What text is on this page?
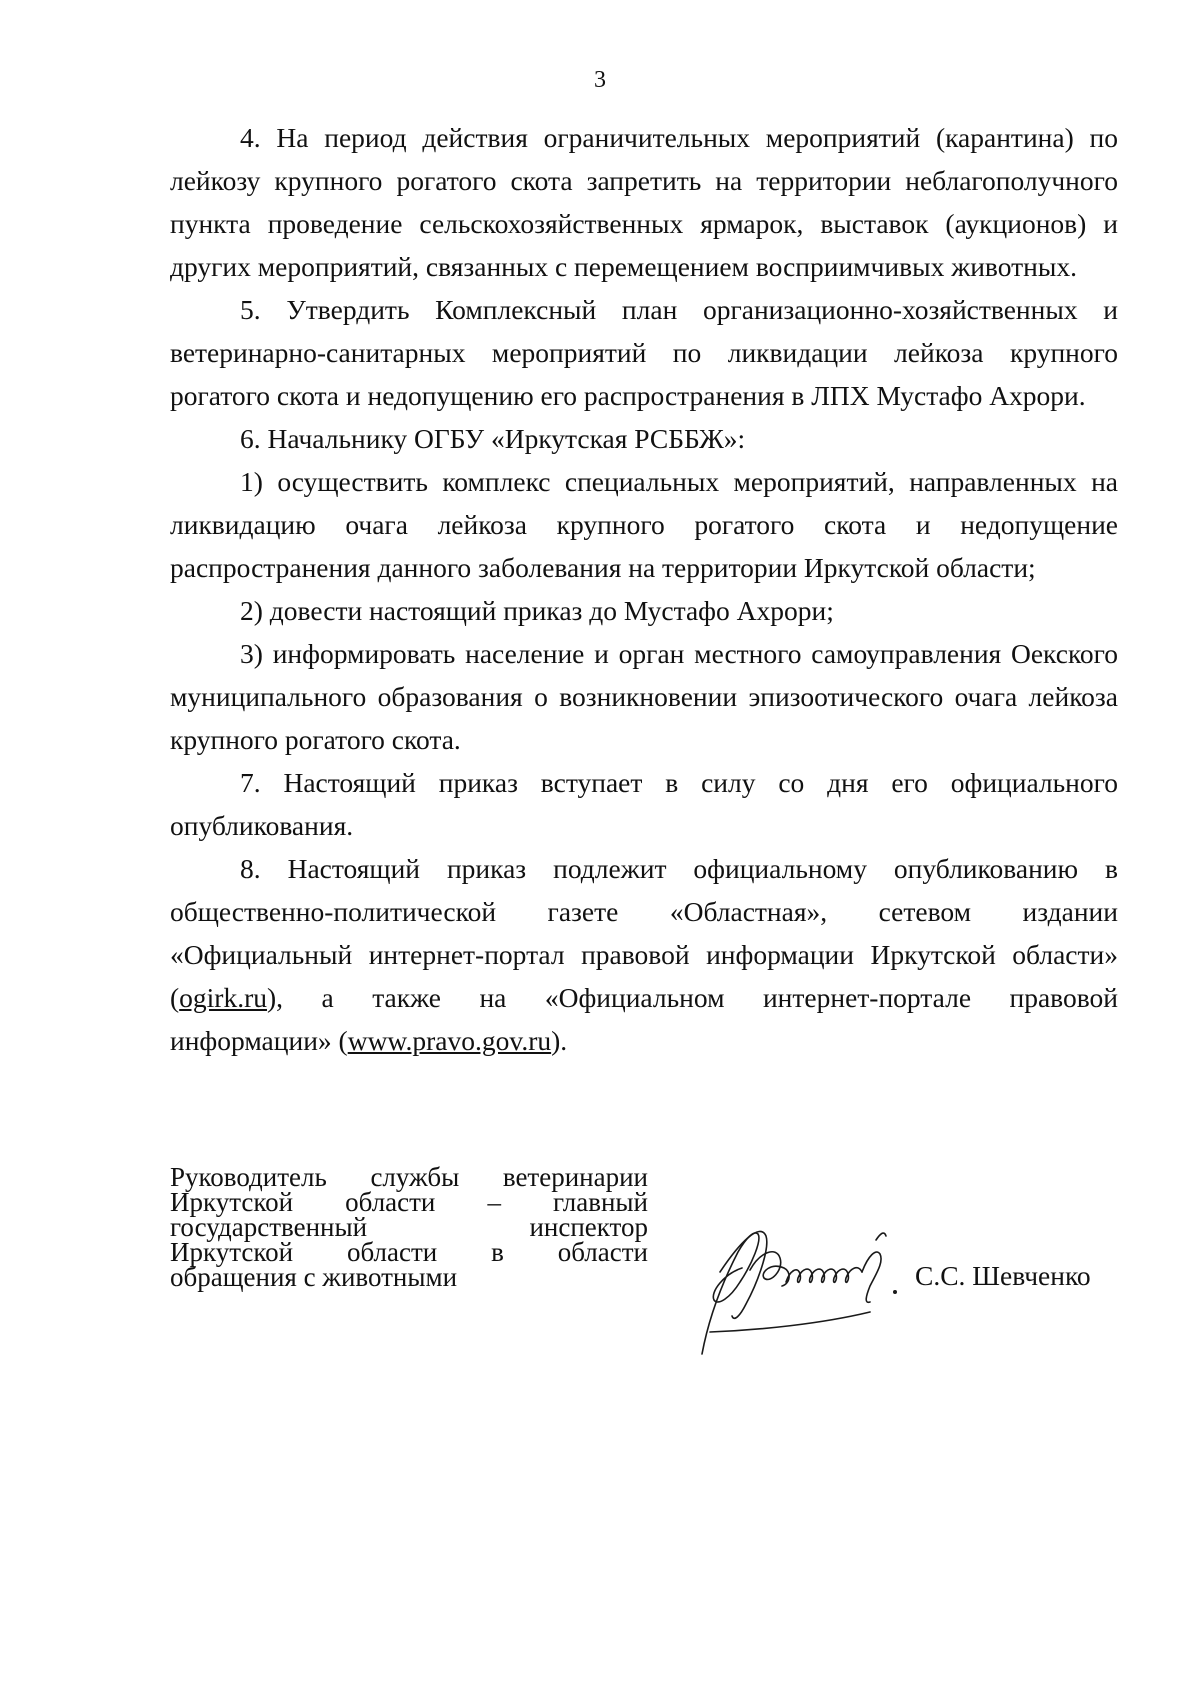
3

4. На период действия ограничительных мероприятий (карантина) по лейкозу крупного рогатого скота запретить на территории неблагополучного пункта проведение сельскохозяйственных ярмарок, выставок (аукционов) и других мероприятий, связанных с перемещением восприимчивых животных.

5. Утвердить Комплексный план организационно-хозяйственных и ветеринарно-санитарных мероприятий по ликвидации лейкоза крупного рогатого скота и недопущению его распространения в ЛПХ Мустафо Ахрори.

6. Начальнику ОГБУ «Иркутская РСББЖ»:

1) осуществить комплекс специальных мероприятий, направленных на ликвидацию очага лейкоза крупного рогатого скота и недопущение распространения данного заболевания на территории Иркутской области;

2) довести настоящий приказ до Мустафо Ахрори;

3) информировать население и орган местного самоуправления Оекского муниципального образования о возникновении эпизоотического очага лейкоза крупного рогатого скота.

7. Настоящий приказ вступает в силу со дня его официального опубликования.

8. Настоящий приказ подлежит официальному опубликованию в общественно-политической газете «Областная», сетевом издании «Официальный интернет-портал правовой информации Иркутской области» (ogirk.ru), а также на «Официальном интернет-портале правовой

информации» (www.pravo.gov.ru).

Руководитель службы ветеринарии
Иркутской области – главный
государственный инспектор
Иркутской области в области
обращения с животными	С.С. Шевченко
